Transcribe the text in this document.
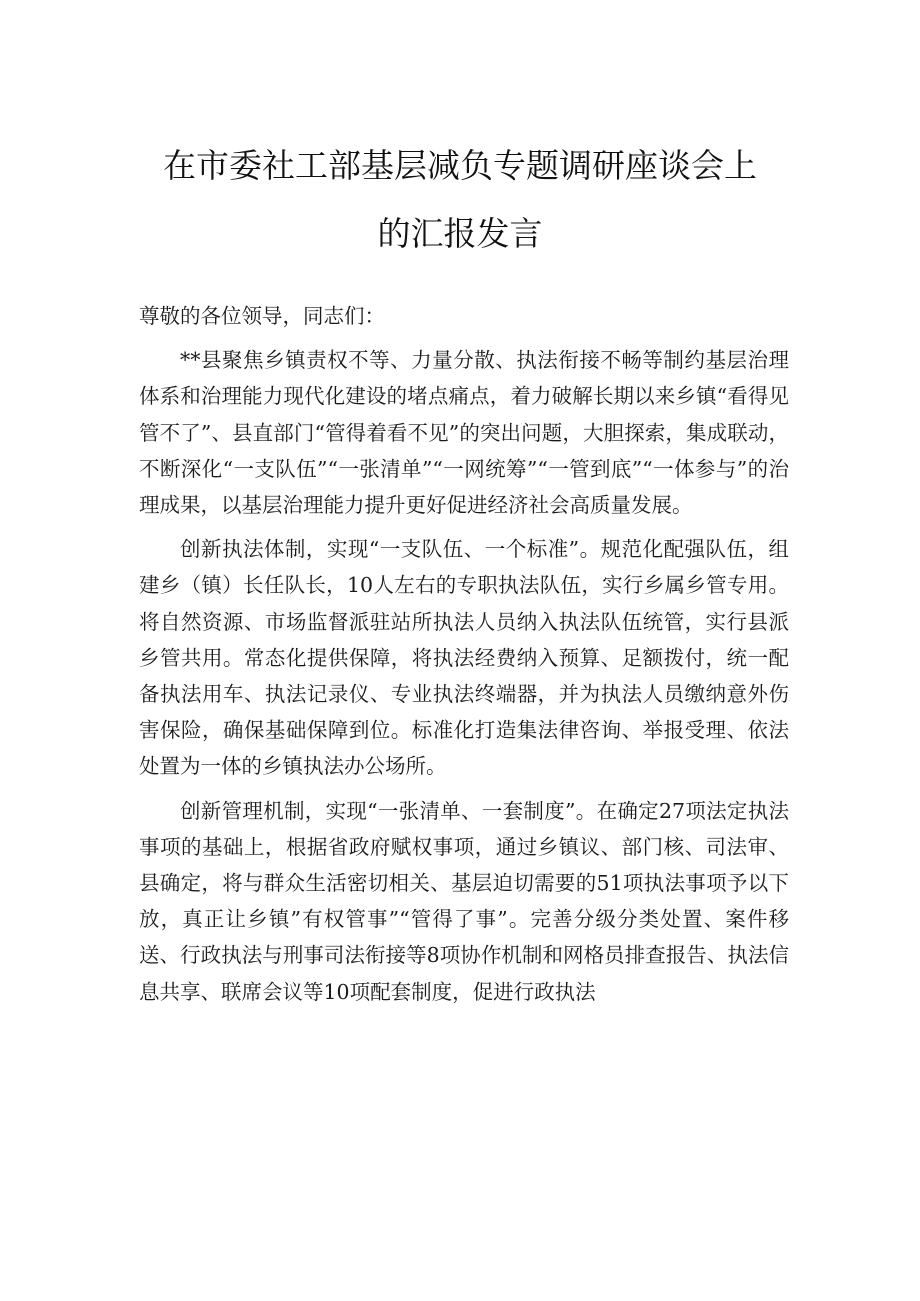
在市委社工部基层减负专题调研座谈会上
的汇报发言

尊敬的各位领导，同志们：

**县聚焦乡镇责权不等、力量分散、执法衔接不畅等制约基层治理体系和治理能力现代化建设的堵点痛点，着力破解长期以来乡镇“看得见管不了”、县直部门“管得着看不见”的突出问题，大胆探索，集成联动，不断深化“一支队伍”“一张清单”“一网统筹”“一管到底”“一体参与”的治理成果，以基层治理能力提升更好促进经济社会高质量发展。

创新执法体制，实现“一支队伍、一个标准”。规范化配强队伍，组建乡（镇）长任队长，10人左右的专职执法队伍，实行乡属乡管专用。将自然资源、市场监督派驻站所执法人员纳入执法队伍统管，实行县派乡管共用。常态化提供保障，将执法经费纳入预算、足额拨付，统一配备执法用车、执法记录仪、专业执法终端器，并为执法人员缴纳意外伤害保险，确保基础保障到位。标准化打造集法律咨询、举报受理、依法处置为一体的乡镇执法办公场所。

创新管理机制，实现“一张清单、一套制度”。在确定27项法定执法事项的基础上，根据省政府赋权事项，通过乡镇议、部门核、司法审、县确定，将与群众生活密切相关、基层迫切需要的51项执法事项予以下放，真正让乡镇”有权管事”“管得了事”。完善分级分类处置、案件移送、行政执法与刑事司法衔接等8项协作机制和网格员排查报告、执法信息共享、联席会议等10项配套制度，促进行政执法
